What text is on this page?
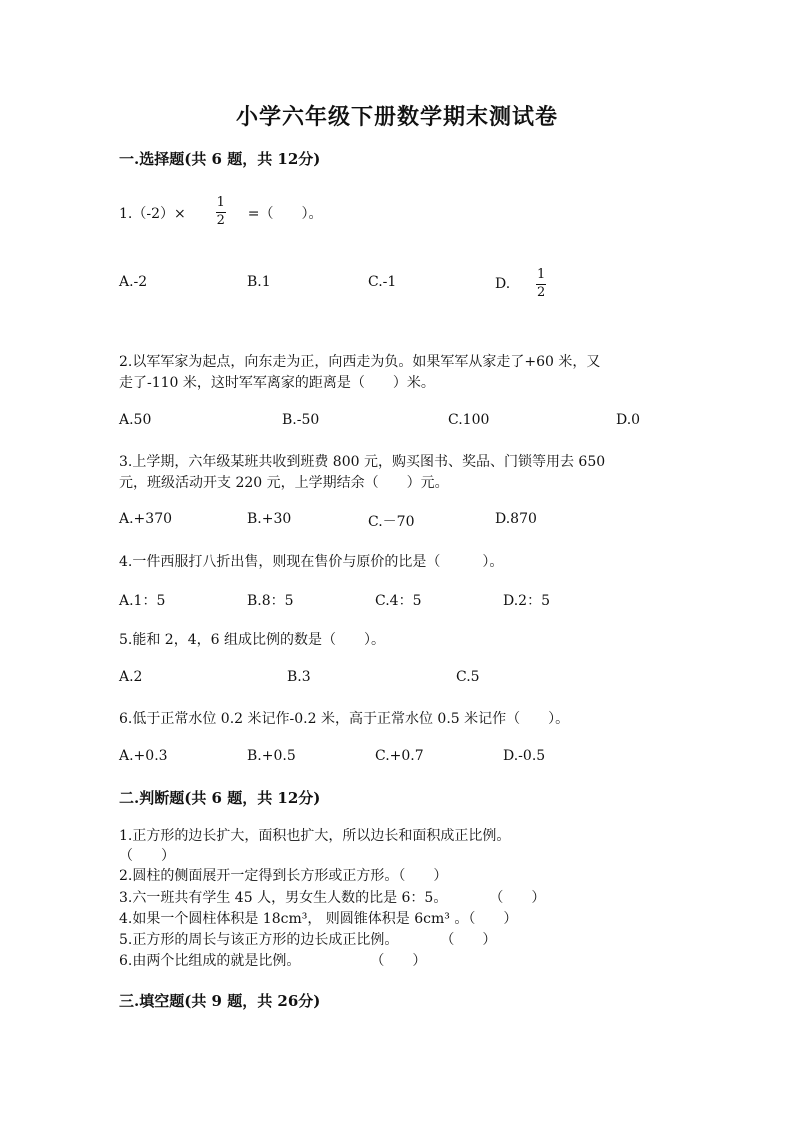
小学六年级下册数学期末测试卷
一.选择题(共 6 题，共 12分)
$1.(-2)\times \frac{1}{2}$ =（　　）。
A.-2	B.1	C.-1	D. $\frac{1}{2}$
2.以军军家为起点，向东走为正，向西走为负。如果军军从家走了+60 米，又
走了-110 米，这时军军离家的距离是（　　）米。
A.50	B.-50	C.100	D.0
3.上学期，六年级某班共收到班费 800 元，购买图书、奖品、门锁等用去 650
元，班级活动开支 220 元，上学期结余（　　）元。
A.+370	B.+30	C.－70	D.870
4.一件西服打八折出售，则现在售价与原价的比是（　　　）。
A.1：5	B.8：5	C.4：5	D.2：5
5.能和 2，4，6 组成比例的数是（　　）。
A.2	B.3	C.5
6.低于正常水位 0.2 米记作-0.2 米，高于正常水位 0.5 米记作（　　）。
A.+0.3	B.+0.5	C.+0.7	D.-0.5
二.判断题(共 6 题，共 12分)
1.正方形的边长扩大，面积也扩大，所以边长和面积成正比例。
（　　）
2.圆柱的侧面展开一定得到长方形或正方形。（　　）
3.六一班共有学生 45 人，男女生人数的比是 6：5。　　　　（　　）
4.如果一个圆柱体积是 18cm³， 则圆锥体积是 6cm³ 。（　　）
5.正方形的周长与该正方形的边长成正比例。　　　　（　　）
6.由两个比组成的就是比例。　　　　　　（　　）
三.填空题(共 9 题，共 26分)
